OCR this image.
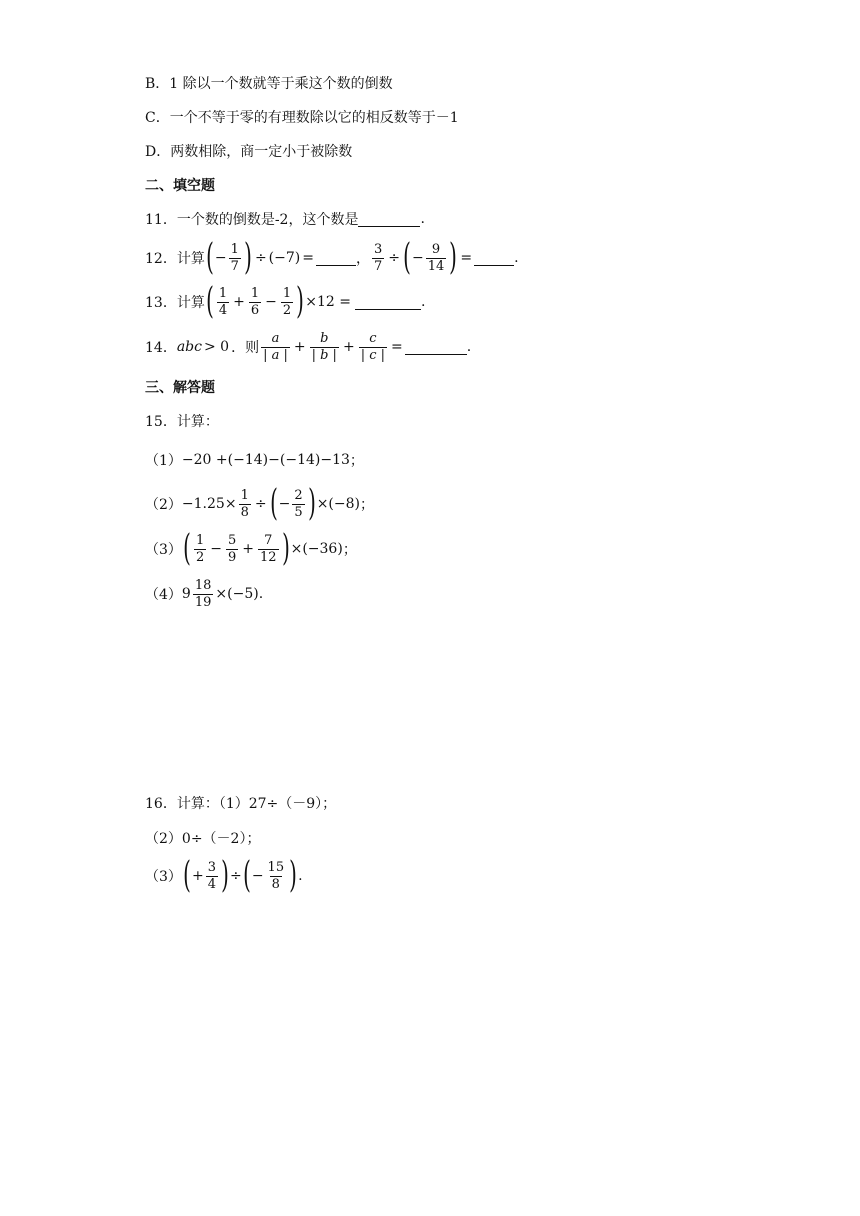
B．1 除以一个数就等于乘这个数的倒数
C．一个不等于零的有理数除以它的相反数等于－1
D．两数相除，商一定小于被除数
二、填空题
11．一个数的倒数是-2，这个数是	.
12．计算 ( − $\frac{1}{7}$ ) ÷ (−7) =	， $\frac{3}{7}$ ÷ ( − $\frac{9}{14}$ ) =	.
13．计算 ( $\frac{1}{4} + \frac{1}{6} - \frac{1}{2}$ ) ×12 =	.
14． abc > 0 ．则 $\frac{a}{| a |} + \frac{b}{| b |} + \frac{c}{| c |}$ =	.
三、解答题
15．计算：
（1） −20 + (−14) − (−14) −13 ；
$(2) -1.25\times \frac{1}{8}$ ÷ ( − $\frac{2}{5}$ ) × (−8) ；
（3） ( $\frac{1}{2} - \frac{5}{9} + \frac{7}{12}$ ) × (−36) ；
（4） $9 \frac{18}{19} \times (-5)$ .
16．计算：（1）27÷（－9）；
（2）0÷（－2）；
（3） ( + $\frac{3}{4}$ ) ÷ ( − $\frac{15}{8}$ ) .
